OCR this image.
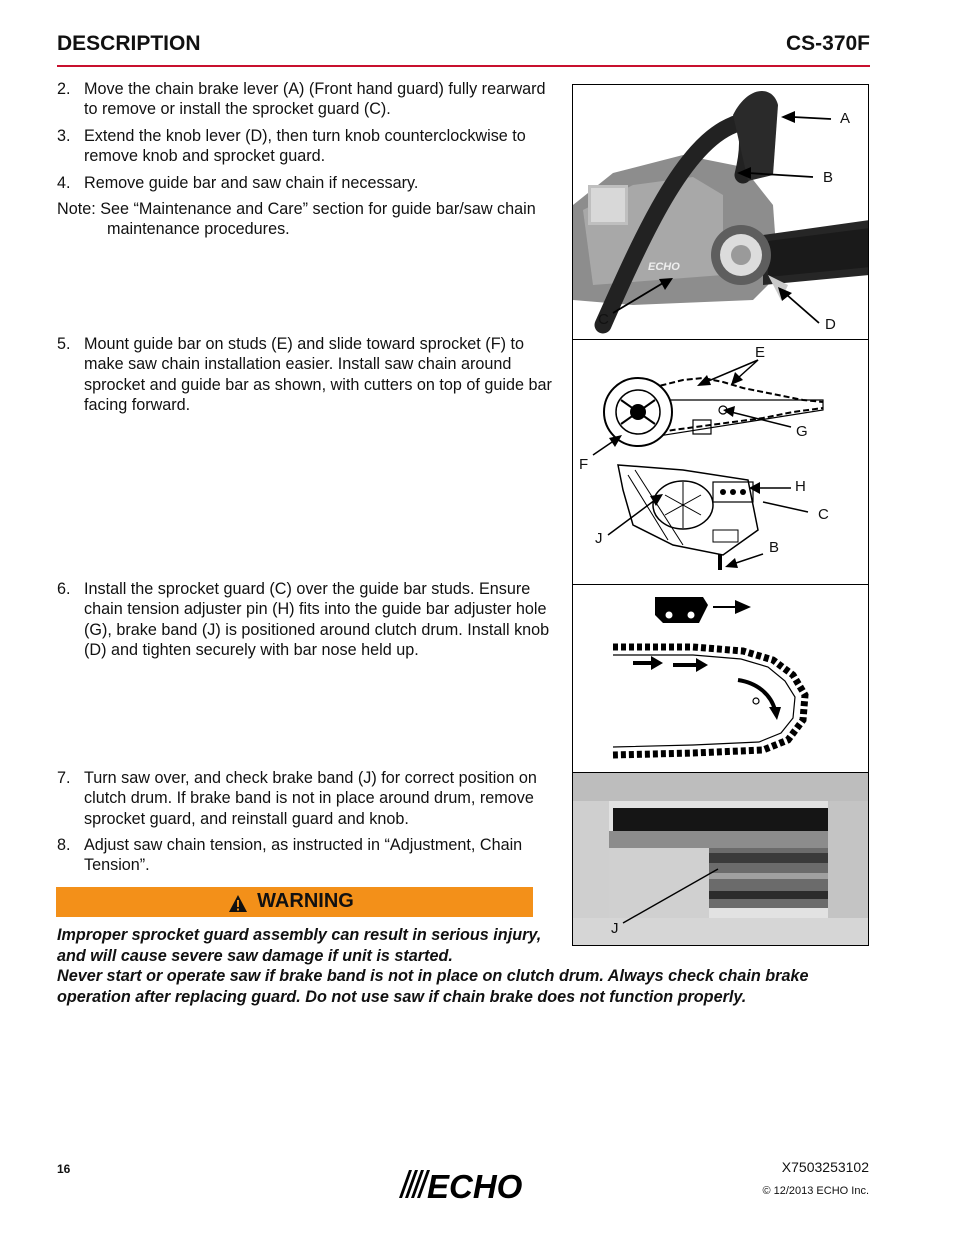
DESCRIPTION	CS-370F
2. Move the chain brake lever (A) (Front hand guard) fully rearward to remove or install the sprocket guard (C).
3. Extend the knob lever (D), then turn knob counterclockwise to remove knob and sprocket guard.
4. Remove guide bar and saw chain if necessary.
Note: See “Maintenance and Care” section for guide bar/saw chain
maintenance procedures.
5. Mount guide bar on studs (E) and slide toward sprocket (F) to make saw chain installation easier. Install saw chain around sprocket and guide bar as shown, with cutters on top of guide bar facing forward.
6. Install the sprocket guard (C) over the guide bar studs. Ensure chain tension adjuster pin (H) fits into the guide bar adjuster hole (G), brake band (J) is positioned around clutch drum. Install knob (D) and tighten securely with bar nose held up.
7. Turn saw over, and check brake band (J) for correct position on clutch drum. If brake band is not in place around drum, remove sprocket guard, and reinstall guard and knob.
8. Adjust saw chain tension, as instructed in “Adjustment, Chain Tension”.
ECHO
A
B
C	D
E
G
F
H
C
J
B
J
WARNING
Improper sprocket guard assembly can result in serious injury, and will cause severe saw damage if unit is started.
Never start or operate saw if brake band is not in place on clutch drum. Always check chain brake operation after replacing guard. Do not use saw if chain brake does not function properly.
16	ECHO
X7503253102
© 12/2013 ECHO Inc.
